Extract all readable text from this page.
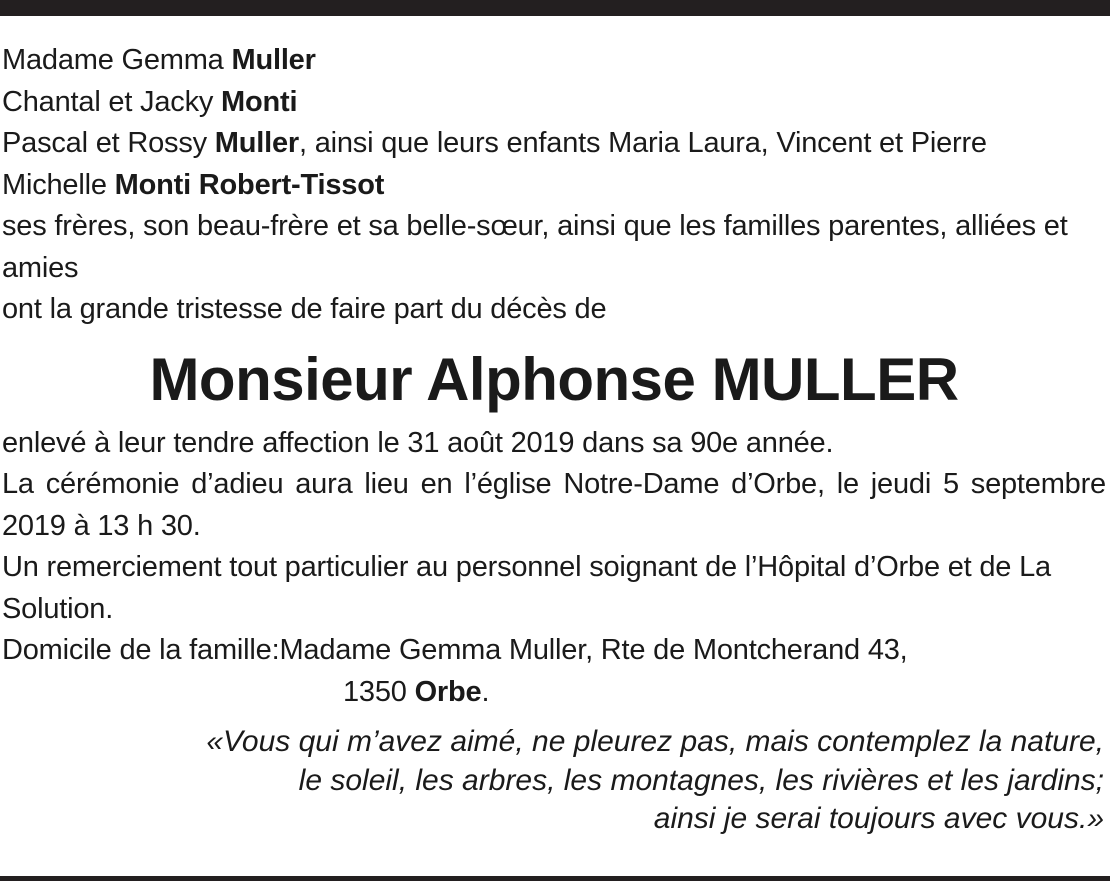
Madame Gemma Muller
Chantal et Jacky Monti
Pascal et Rossy Muller, ainsi que leurs enfants Maria Laura, Vincent et Pierre
Michelle Monti Robert-Tissot
ses frères, son beau-frère et sa belle-sœur, ainsi que les familles parentes, alliées et amies
ont la grande tristesse de faire part du décès de
Monsieur Alphonse MULLER
enlevé à leur tendre affection le 31 août 2019 dans sa 90e année.
La cérémonie d’adieu aura lieu en l’église Notre-Dame d’Orbe, le jeudi 5 septembre 2019 à 13 h 30.
Un remerciement tout particulier au personnel soignant de l’Hôpital d’Orbe et de La Solution.
Domicile de la famille: Madame Gemma Muller, Rte de Montcherand 43,
1350 Orbe.
«Vous qui m’avez aimé, ne pleurez pas, mais contemplez la nature,
le soleil, les arbres, les montagnes, les rivières et les jardins;
ainsi je serai toujours avec vous.»
